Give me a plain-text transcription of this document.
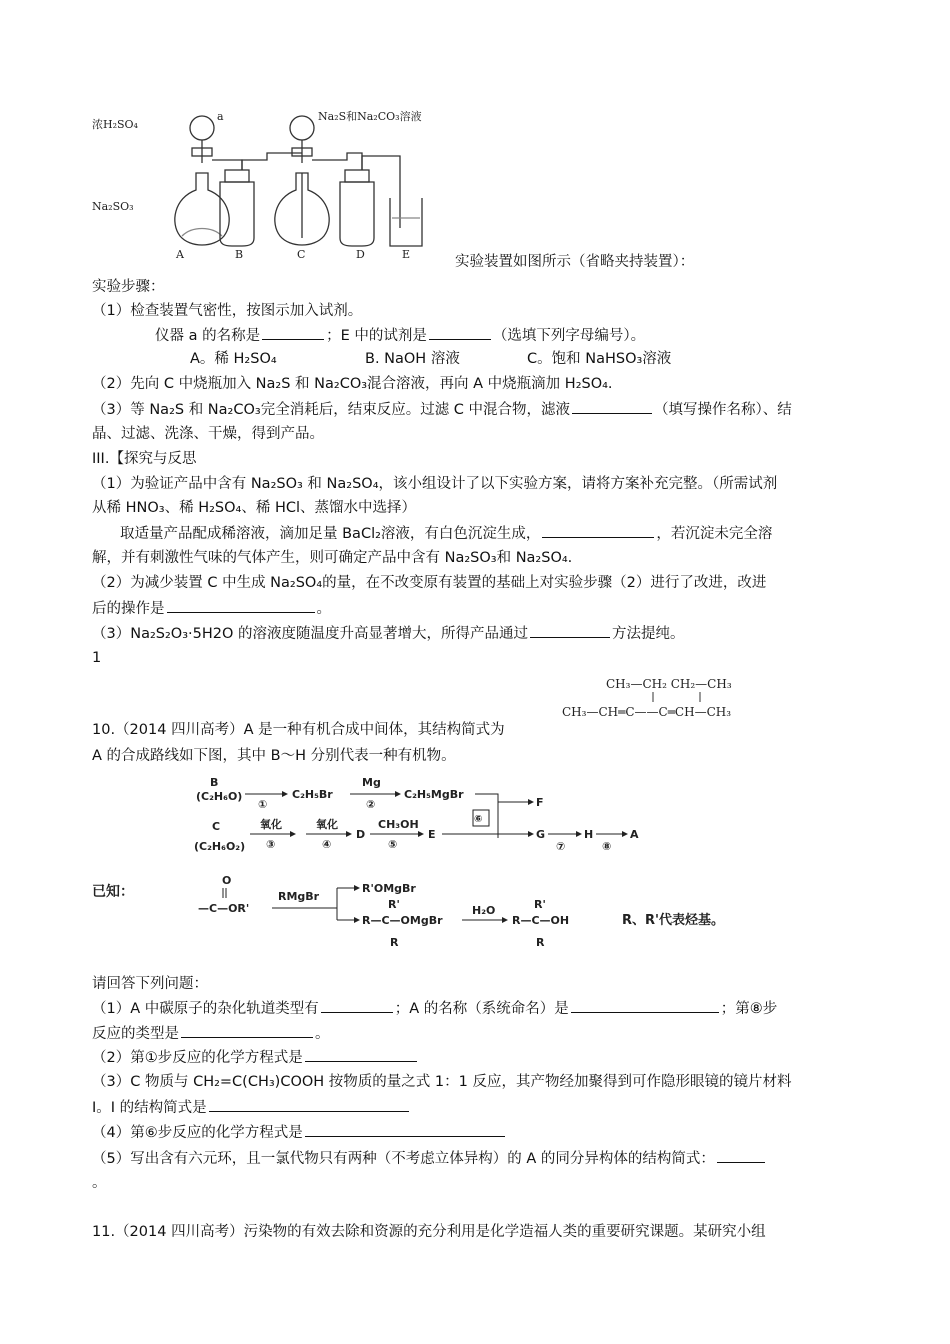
浓H₂SO₄
a	Na₂S和Na₂CO₃溶液
Na₂SO₃
A	B	C	D	E	实验装置如图所示（省略夹持装置）：
实验步骤：
（1）检查装置气密性，按图示加入试剂。
仪器 a 的名称是	；E 中的试剂是	（选填下列字母编号）。
A。稀 H₂SO₄	B. NaOH 溶液	C。饱和 NaHSO₃溶液
（2）先向 C 中烧瓶加入 Na₂S 和 Na₂CO₃混合溶液，再向 A 中烧瓶滴加 H₂SO₄.
（3）等 Na₂S 和 Na₂CO₃完全消耗后，结束反应。过滤 C 中混合物，滤液	（填写操作名称）、结
晶、过滤、洗涤、干燥，得到产品。
III.【探究与反思
（1）为验证产品中含有 Na₂SO₃ 和 Na₂SO₄，该小组设计了以下实验方案，请将方案补充完整。（所需试剂
从稀 HNO₃、稀 H₂SO₄、稀 HCl、蒸馏水中选择）
取适量产品配成稀溶液，滴加足量 BaCl₂溶液，有白色沉淀生成，	，若沉淀未完全溶
解，并有刺激性气味的气体产生，则可确定产品中含有 Na₂SO₃和 Na₂SO₄.
（2）为减少装置 C 中生成 Na₂SO₄的量，在不改变原有装置的基础上对实验步骤（2）进行了改进，改进
后的操作是	。
（3）Na₂S₂O₃·5H2O 的溶液度随温度升高显著增大，所得产品通过	方法提纯。
1
CH₃—CH₂ CH₂—CH₃
CH₃—CH═C——C═CH—CH₃
10.（2014 四川高考）A 是一种有机合成中间体，其结构简式为
A 的合成路线如下图，其中 B～H 分别代表一种有机物。
B
(C₂H₆O)
①
C₂H₅Br
Mg
②
C₂H₅MgBr
C
(C₂H₆O₂)
氧化
③
氧化
④
D
CH₃OH
⑤
E
⑥
F
G
⑦
H
⑧
A
已知：
O
—C—OR'
RMgBr
R'OMgBr
R'
R—C—OMgBr
R
H₂O	R'
R—C—OH
R
R、R'代表烃基。
请回答下列问题：
（1）A 中碳原子的杂化轨道类型有	；A 的名称（系统命名）是	；第⑧步
反应的类型是	。
（2）第①步反应的化学方程式是
（3）C 物质与 CH₂=C(CH₃)COOH 按物质的量之式 1：1 反应，其产物经加聚得到可作隐形眼镜的镜片材料
I。I 的结构简式是
（4）第⑥步反应的化学方程式是
（5）写出含有六元环，且一氯代物只有两种（不考虑立体异构）的 A 的同分异构体的结构简式：
。
11.（2014 四川高考）污染物的有效去除和资源的充分利用是化学造福人类的重要研究课题。某研究小组
